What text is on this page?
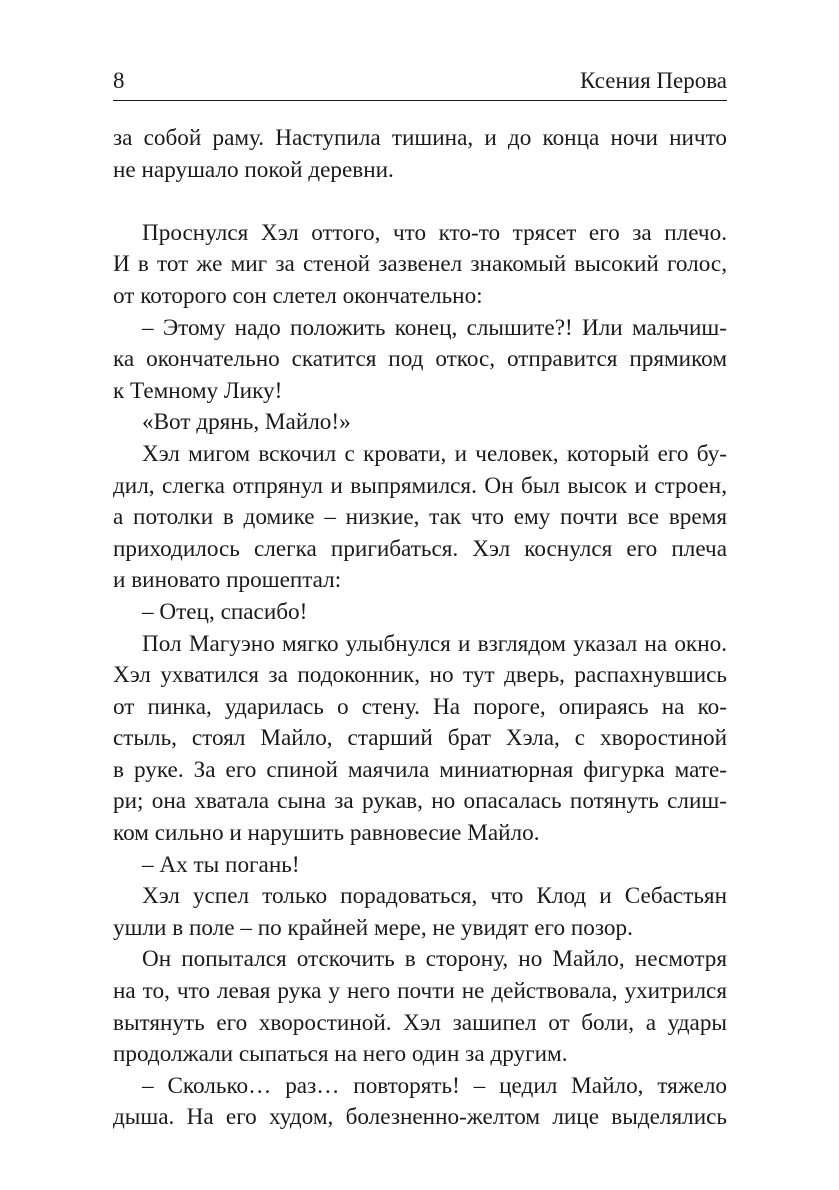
8	Ксения Перова
за собой раму. Наступила тишина, и до конца ночи ничто
не нарушало покой деревни.
Проснулся Хэл оттого, что кто-то трясет его за плечо.
И в тот же миг за стеной зазвенел знакомый высокий голос,
от которого сон слетел окончательно:
– Этому надо положить конец, слышите?! Или мальчиш-
ка окончательно скатится под откос, отправится прямиком
к Темному Лику!
«Вот дрянь, Майло!»
Хэл мигом вскочил с кровати, и человек, который его бу-
дил, слегка отпрянул и выпрямился. Он был высок и строен,
а потолки в домике – низкие, так что ему почти все время
приходилось слегка пригибаться. Хэл коснулся его плеча
и виновато прошептал:
– Отец, спасибо!
Пол Магуэно мягко улыбнулся и взглядом указал на окно.
Хэл ухватился за подоконник, но тут дверь, распахнувшись
от пинка, ударилась о стену. На пороге, опираясь на ко-
стыль, стоял Майло, старший брат Хэла, с хворостиной
в руке. За его спиной маячила миниатюрная фигурка мате-
ри; она хватала сына за рукав, но опасалась потянуть слиш-
ком сильно и нарушить равновесие Майло.
– Ах ты погань!
Хэл успел только порадоваться, что Клод и Себастьян
ушли в поле – по крайней мере, не увидят его позор.
Он попытался отскочить в сторону, но Майло, несмотря
на то, что левая рука у него почти не действовала, ухитрился
вытянуть его хворостиной. Хэл зашипел от боли, а удары
продолжали сыпаться на него один за другим.
– Сколько… раз… повторять! – цедил Майло, тяжело
дыша. На его худом, болезненно-желтом лице выделялись
